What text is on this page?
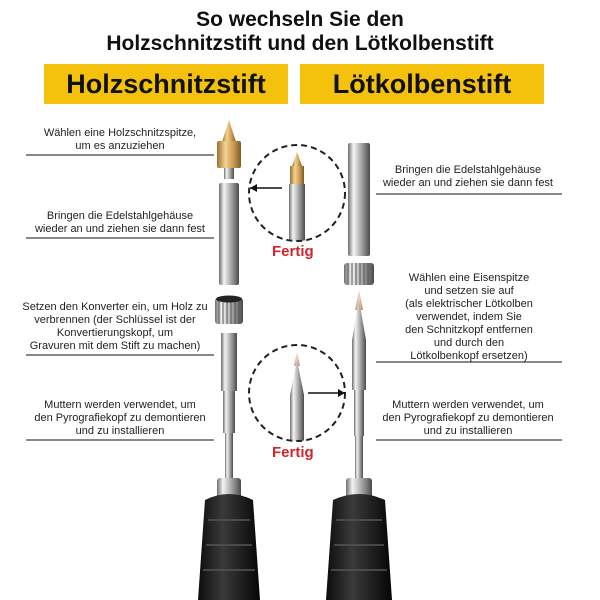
So wechseln Sie den
Holzschnitzstift und den Lötkolbenstift
Holzschnitzstift	Lötkolbenstift
Wählen eine Holzschnitzspitze,
um es anzuziehen
Bringen die Edelstahlgehäuse
wieder an und ziehen sie dann fest
Setzen den Konverter ein, um Holz zu
verbrennen (der Schlüssel ist der
Konvertierungskopf, um
Gravuren mit dem Stift zu machen)
Muttern werden verwendet, um
den Pyrografiekopf zu demontieren
und zu installieren
Bringen die Edelstahlgehäuse
wieder an und ziehen sie dann fest
Wählen eine Eisenspitze
und setzen sie auf
(als elektrischer Lötkolben
verwendet, indem Sie
den Schnitzkopf entfernen
und durch den
Lötkolbenkopf ersetzen)
Muttern werden verwendet, um
den Pyrografiekopf zu demontieren
und zu installieren
Fertig
Fertig
